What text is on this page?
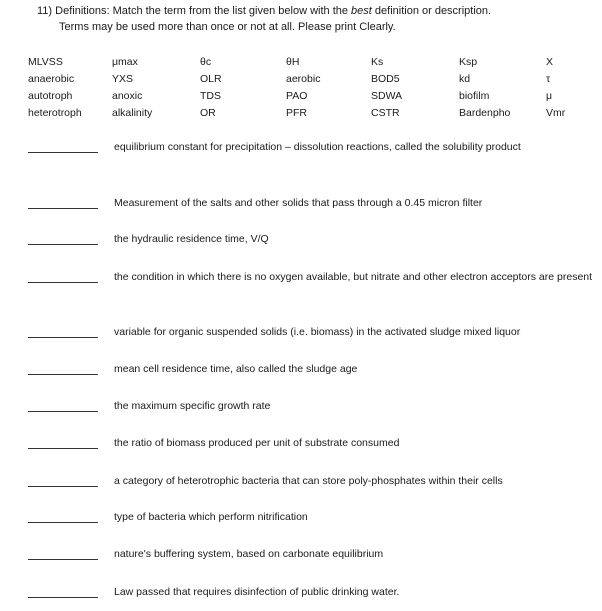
11) Definitions: Match the term from the list given below with the best definition or description.
Terms may be used more than once or not at all. Please print Clearly.
MLVSS	μmax	θc	θH	Ks	Ksp	X
anaerobic	YXS	OLR	aerobic	BOD5	kd	τ
autotroph	anoxic	TDS	PAO	SDWA	biofilm	μ
heterotroph	alkalinity	OR	PFR	CSTR	Bardenpho	Vmr
equilibrium constant for precipitation – dissolution reactions, called the solubility product
Measurement of the salts and other solids that pass through a 0.45 micron filter
the hydraulic residence time, V/Q
the condition in which there is no oxygen available, but nitrate and other electron acceptors are present
variable for organic suspended solids (i.e. biomass) in the activated sludge mixed liquor
mean cell residence time, also called the sludge age
the maximum specific growth rate
the ratio of biomass produced per unit of substrate consumed
a category of heterotrophic bacteria that can store poly-phosphates within their cells
type of bacteria which perform nitrification
nature's buffering system, based on carbonate equilibrium
Law passed that requires disinfection of public drinking water.
